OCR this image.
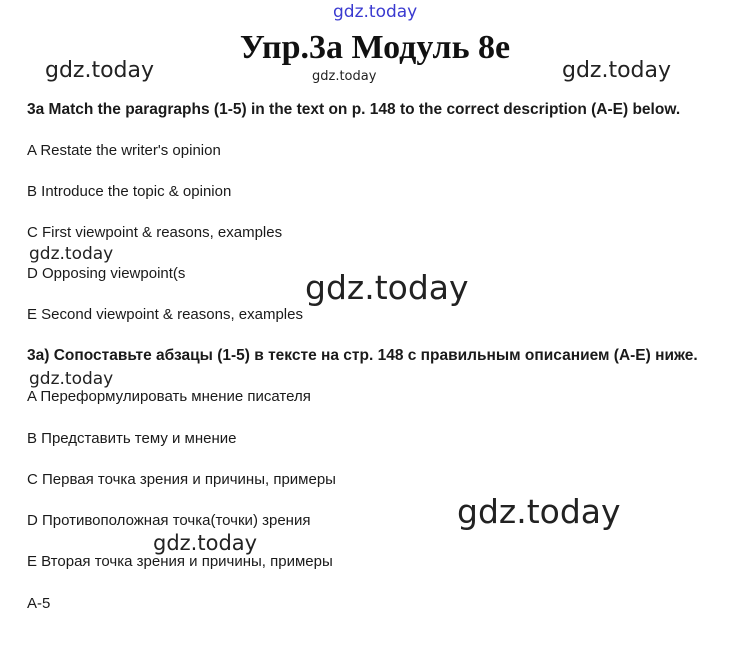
gdz.today
gdz.today	gdz.today	gdz.today
gdz.today
gdz.today
gdz.today
gdz.today
gdz.today
Упр.3а Модуль 8е

3a Match the paragraphs (1-5) in the text on p. 148 to the correct description (A-E) below.

A Restate the writer's opinion

B Introduce the topic & opinion

C First viewpoint & reasons, examples

D Opposing viewpoint(s

E Second viewpoint & reasons, examples

3а) Сопоставьте абзацы (1-5) в тексте на стр. 148 с правильным описанием (A-E) ниже.

A Переформулировать мнение писателя

B Представить тему и мнение

C Первая точка зрения и причины, примеры

D Противоположная точка(точки) зрения

E Вторая точка зрения и причины, примеры

A-5
